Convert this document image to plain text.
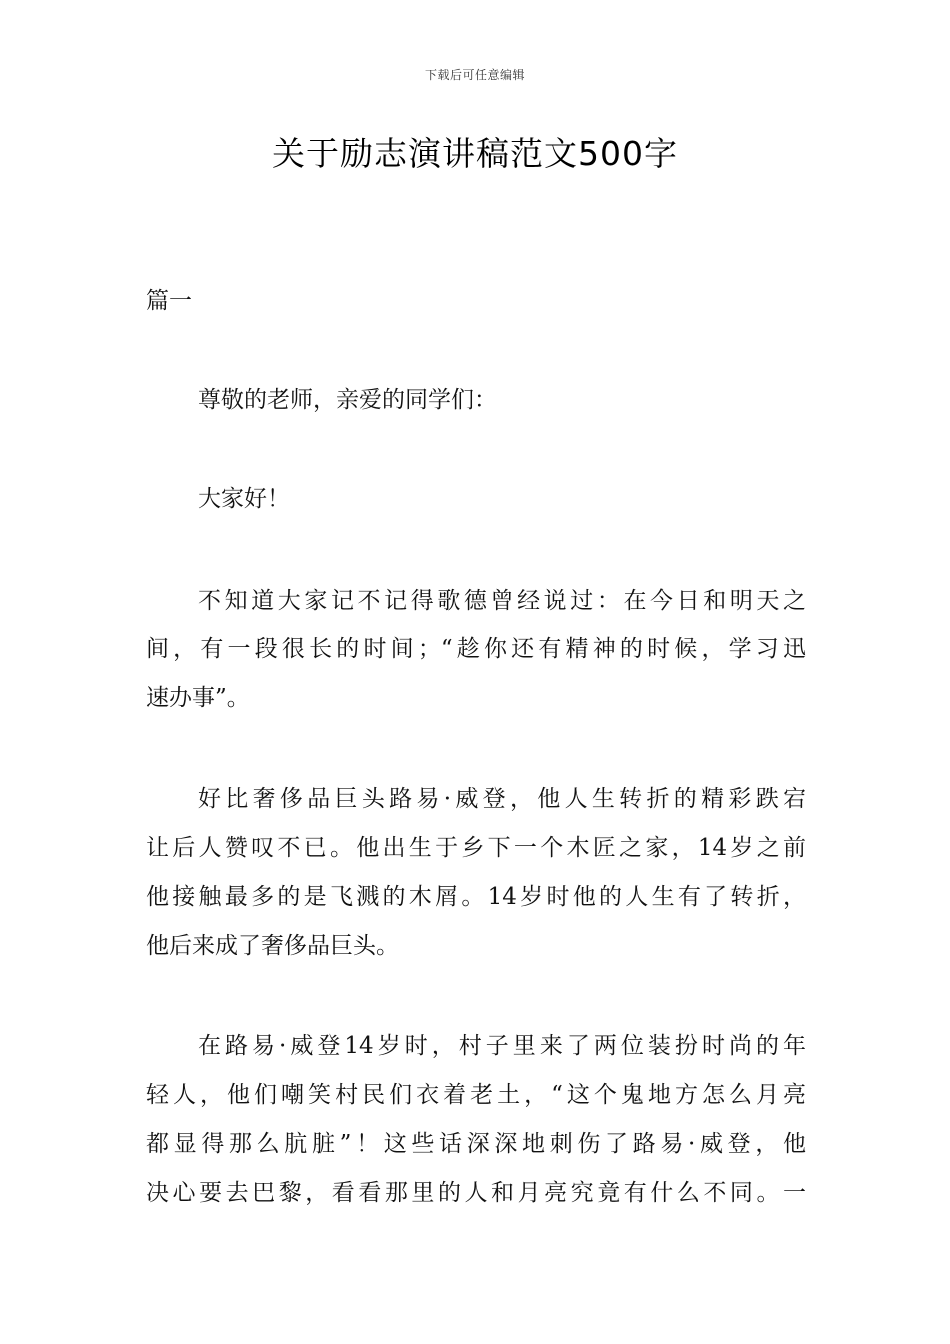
下载后可任意编辑
关于励志演讲稿范文500字
篇一
尊敬的老师，亲爱的同学们：
大家好！
不知道大家记不记得歌德曾经说过：在今日和明天之
间，有一段很长的时间；“趁你还有精神的时候，学习迅
速办事”。
好比奢侈品巨头路易·威登，他人生转折的精彩跌宕
让后人赞叹不已。他出生于乡下一个木匠之家，14岁之前
他接触最多的是飞溅的木屑。14岁时他的人生有了转折，
他后来成了奢侈品巨头。
在路易·威登14岁时，村子里来了两位装扮时尚的年
轻人，他们嘲笑村民们衣着老土，“这个鬼地方怎么月亮
都显得那么肮脏”！这些话深深地刺伤了路易·威登，他
决心要去巴黎，看看那里的人和月亮究竟有什么不同。一
